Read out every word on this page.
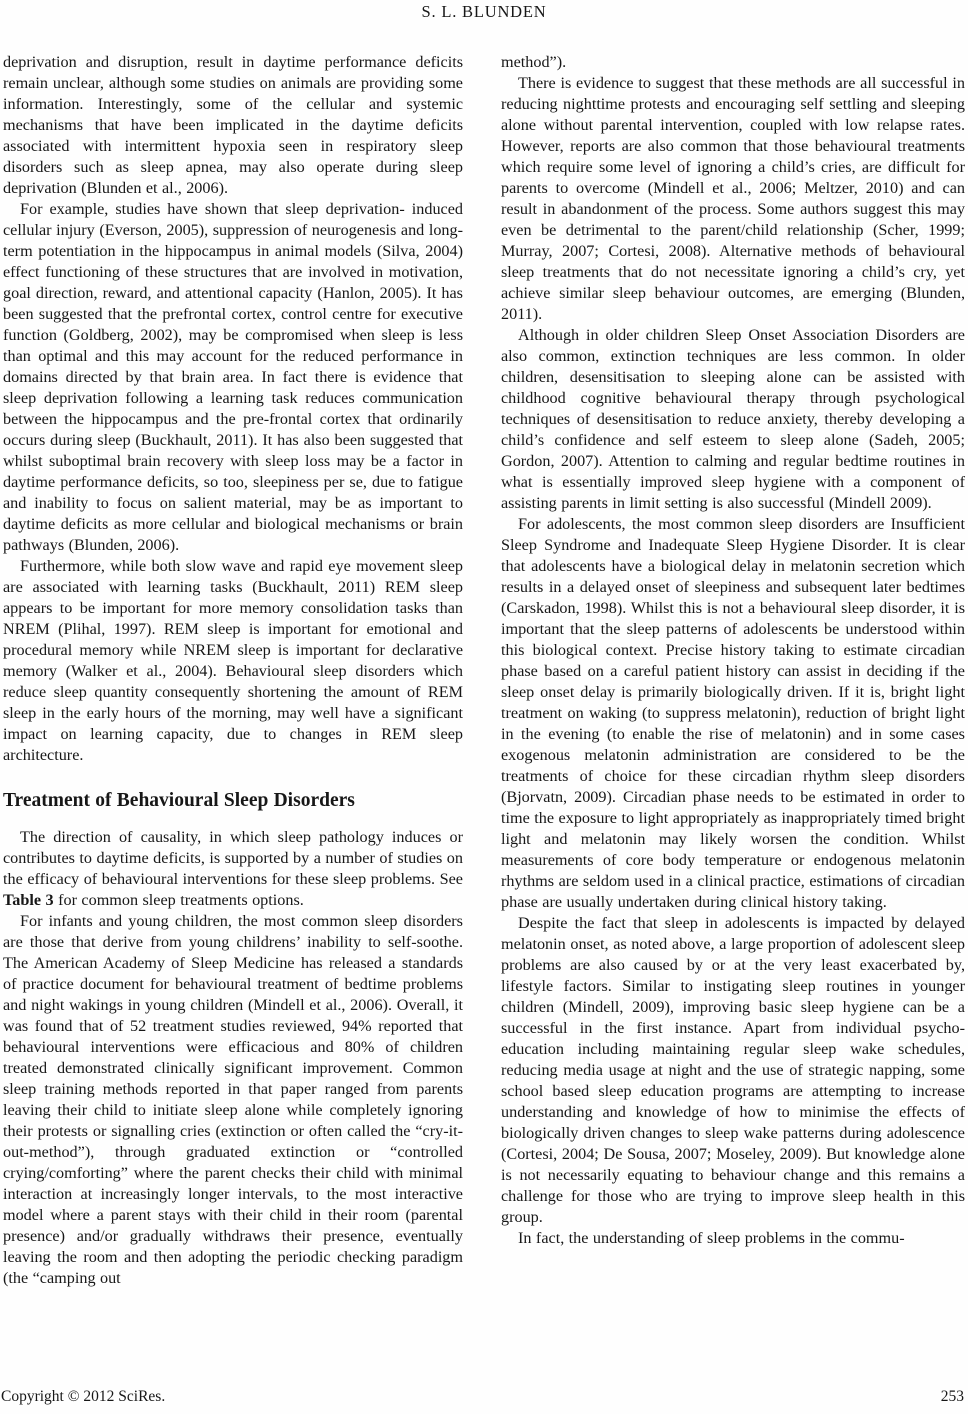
S. L. BLUNDEN

deprivation and disruption, result in daytime performance deficits remain unclear, although some studies on animals are providing some information. Interestingly, some of the cellular and systemic mechanisms that have been implicated in the daytime deficits associated with intermittent hypoxia seen in respiratory sleep disorders such as sleep apnea, may also operate during sleep deprivation (Blunden et al., 2006).

For example, studies have shown that sleep deprivation- induced cellular injury (Everson, 2005), suppression of neurogenesis and long-term potentiation in the hippocampus in animal models (Silva, 2004) effect functioning of these structures that are involved in motivation, goal direction, reward, and attentional capacity (Hanlon, 2005). It has been suggested that the prefrontal cortex, control centre for executive function (Goldberg, 2002), may be compromised when sleep is less than optimal and this may account for the reduced performance in domains directed by that brain area. In fact there is evidence that sleep deprivation following a learning task reduces communication between the hippocampus and the pre-frontal cortex that ordinarily occurs during sleep (Buckhault, 2011). It has also been suggested that whilst suboptimal brain recovery with sleep loss may be a factor in daytime performance deficits, so too, sleepiness per se, due to fatigue and inability to focus on salient material, may be as important to daytime deficits as more cellular and biological mechanisms or brain pathways (Blunden, 2006).

Furthermore, while both slow wave and rapid eye movement sleep are associated with learning tasks (Buckhault, 2011) REM sleep appears to be important for more memory consolidation tasks than NREM (Plihal, 1997). REM sleep is important for emotional and procedural memory while NREM sleep is important for declarative memory (Walker et al., 2004). Behavioural sleep disorders which reduce sleep quantity consequently shortening the amount of REM sleep in the early hours of the morning, may well have a significant impact on learning capacity, due to changes in REM sleep architecture.

Treatment of Behavioural Sleep Disorders

The direction of causality, in which sleep pathology induces or contributes to daytime deficits, is supported by a number of studies on the efficacy of behavioural interventions for these sleep problems. See Table 3 for common sleep treatments options.

For infants and young children, the most common sleep disorders are those that derive from young childrens’ inability to self-soothe. The American Academy of Sleep Medicine has released a standards of practice document for behavioural treatment of bedtime problems and night wakings in young children (Mindell et al., 2006). Overall, it was found that of 52 treatment studies reviewed, 94% reported that behavioural interventions were efficacious and 80% of children treated demonstrated clinically significant improvement. Common sleep training methods reported in that paper ranged from parents leaving their child to initiate sleep alone while completely ignoring their protests or signalling cries (extinction or often called the “cry-it-out-method”), through graduated extinction or “controlled crying/comforting” where the parent checks their child with minimal interaction at increasingly longer intervals, to the most interactive model where a parent stays with their child in their room (parental presence) and/or gradually withdraws their presence, eventually leaving the room and then adopting the periodic checking paradigm (the “camping out

method”).

There is evidence to suggest that these methods are all successful in reducing nighttime protests and encouraging self settling and sleeping alone without parental intervention, coupled with low relapse rates. However, reports are also common that those behavioural treatments which require some level of ignoring a child’s cries, are difficult for parents to overcome (Mindell et al., 2006; Meltzer, 2010) and can result in abandonment of the process. Some authors suggest this may even be detrimental to the parent/child relationship (Scher, 1999; Murray, 2007; Cortesi, 2008). Alternative methods of behavioural sleep treatments that do not necessitate ignoring a child’s cry, yet achieve similar sleep behaviour outcomes, are emerging (Blunden, 2011).

Although in older children Sleep Onset Association Disorders are also common, extinction techniques are less common. In older children, desensitisation to sleeping alone can be assisted with childhood cognitive behavioural therapy through psychological techniques of desensitisation to reduce anxiety, thereby developing a child’s confidence and self esteem to sleep alone (Sadeh, 2005; Gordon, 2007). Attention to calming and regular bedtime routines in what is essentially improved sleep hygiene with a component of assisting parents in limit setting is also successful (Mindell 2009).

For adolescents, the most common sleep disorders are Insufficient Sleep Syndrome and Inadequate Sleep Hygiene Disorder. It is clear that adolescents have a biological delay in melatonin secretion which results in a delayed onset of sleepiness and subsequent later bedtimes (Carskadon, 1998). Whilst this is not a behavioural sleep disorder, it is important that the sleep patterns of adolescents be understood within this biological context. Precise history taking to estimate circadian phase based on a careful patient history can assist in deciding if the sleep onset delay is primarily biologically driven. If it is, bright light treatment on waking (to suppress melatonin), reduction of bright light in the evening (to enable the rise of melatonin) and in some cases exogenous melatonin administration are considered to be the treatments of choice for these circadian rhythm sleep disorders (Bjorvatn, 2009). Circadian phase needs to be estimated in order to time the exposure to light appropriately as inappropriately timed bright light and melatonin may likely worsen the condition. Whilst measurements of core body temperature or endogenous melatonin rhythms are seldom used in a clinical practice, estimations of circadian phase are usually undertaken during clinical history taking.

Despite the fact that sleep in adolescents is impacted by delayed melatonin onset, as noted above, a large proportion of adolescent sleep problems are also caused by or at the very least exacerbated by, lifestyle factors. Similar to instigating sleep routines in younger children (Mindell, 2009), improving basic sleep hygiene can be a successful in the first instance. Apart from individual psycho-education including maintaining regular sleep wake schedules, reducing media usage at night and the use of strategic napping, some school based sleep education programs are attempting to increase understanding and knowledge of how to minimise the effects of biologically driven changes to sleep wake patterns during adolescence (Cortesi, 2004; De Sousa, 2007; Moseley, 2009). But knowledge alone is not necessarily equating to behaviour change and this remains a challenge for those who are trying to improve sleep health in this group.

In fact, the understanding of sleep problems in the commu-

Copyright © 2012 SciRes.	253
